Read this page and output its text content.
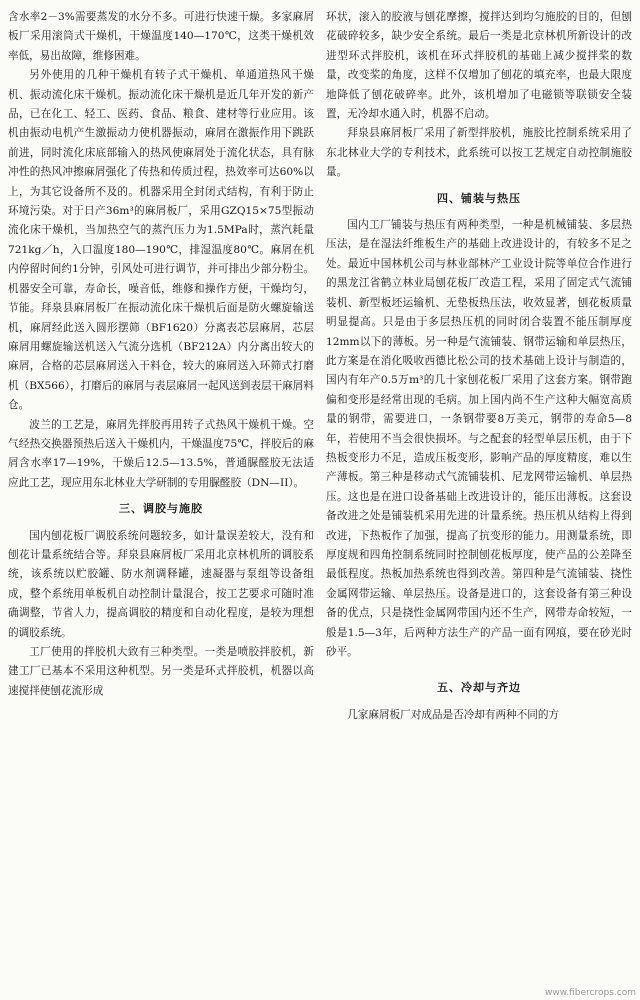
含水率2－3%需要蒸发的水分不多。可进行快速干燥。多家麻屑板厂采用滚筒式干燥机，干燥温度140—170℃，这类干燥机效率低，易出故障，维修困难。

另外使用的几种干燥机有转子式干燥机、单通道热风干燥机、振动流化床干燥机。振动流化床干燥机是近几年开发的新产品，已在化工、轻工、医药、食品、粮食、建材等行业应用。该机由振动电机产生激振动力使机器振动，麻屑在激振作用下跳跃前进，同时流化床底部输入的热风使麻屑处于流化状态，具有脉冲性的热风冲擦麻屑强化了传热和传质过程，热效率可达60%以上，为其它设备所不及的。机器采用全封闭式结构，有利于防止环境污染。对于日产36m³的麻屑板厂，采用GZQ15×75型振动流化床干燥机，当加热空气的蒸汽压力为1.5MPa时，蒸汽耗量721kg／h，入口温度180—190℃，排湿温度80℃。麻屑在机内停留时间约1分钟，引风处可进行调节，并可排出少部分粉尘。机器安全可靠，寿命长，噪音低，维修和操作方便，干燥均匀，节能。拜泉县麻屑板厂在振动流化床干燥机后面是防火螺旋输送机，麻屑经此送入圆形摆筛（BF1620）分离表芯层麻屑，芯层麻屑用螺旋输送机送入气流分选机（BF212A）内分离出较大的麻屑，合格的芯层麻屑送入干料仓，较大的麻屑送入环筛式打磨机（BX566），打磨后的麻屑与表层麻屑一起风送到表层干麻屑料仓。

波兰的工艺是，麻屑先拌胶再用转子式热风干燥机干燥。空气经热交换器预热后送入干燥机内，干燥温度75℃，拌胶后的麻屑含水率17—19%，干燥后12.5—13.5%，普通脲醛胶无法适应此工艺，现应用东北林业大学研制的专用脲醛胶（DN—II）。

三、调胶与施胶

国内刨花板厂调胶系统问题较多，如计量误差较大，没有和刨花计量系统结合等。拜泉县麻屑板厂采用北京林机所的调胶系统，该系统以贮胶罐、防水剂调释罐，速凝器与泵组等设备组成，整个系统用单板机自动控制计量混合，按工艺要求可随时准确调整，节省人力，提高调胶的精度和自动化程度，是较为理想的调胶系统。

工厂使用的拌胶机大致有三种类型。一类是喷胶拌胶机，新建工厂已基本不采用这种机型。另一类是环式拌胶机，机器以高速搅拌使刨花流形成

环状，滚入的胶液与刨花摩擦，搅拌达到均匀施胶的目的，但刨花破碎较多，缺少安全系统。最后一类是北京林机所新设计的改进型环式拌胶机，该机在环式拌胶机的基础上减少搅拌桨的数量，改变桨的角度，这样不仅增加了刨花的填充率，也最大限度地降低了刨花破碎率。此外，该机增加了电磁锁等联锁安全装置，无冷却水通入时，机器不启动。

拜泉县麻屑板厂采用了新型拌胶机，施胶比控制系统采用了东北林业大学的专利技术，此系统可以按工艺规定自动控制施胶量。

四、铺装与热压

国内工厂铺装与热压有两种类型，一种是机械铺装、多层热压法，是在湿法纤维板生产的基础上改进设计的，有较多不足之处。最近中国林机公司与林业部林产工业设计院等单位合作进行的黑龙江省鹤立林业局刨花板厂改造工程，采用了固定式气流铺装机、新型板坯运输机、无垫板热压法，收效显著，刨花板质量明显提高。只是由于多层热压机的同时闭合装置不能压制厚度12mm以下的薄板。另一种是气流铺装、钢带运输和单层热压，此方案是在消化吸收西德比松公司的技术基础上设计与制造的，国内有年产0.5万m³的几十家刨花板厂采用了这套方案。钢带跑偏和变形是经常出现的毛病。加上国内尚不生产这种大幅宽高质量的钢带，需要进口，一条钢带要8万美元，钢带的寿命5—8年，若使用不当会很快损坏。与之配套的轻型单层压机，由于下热板变形力不足，造成压板变形，影响产品的厚度精度，难以生产薄板。第三种是移动式气流铺装机、尼龙网带运输机、单层热压。这也是在进口设备基础上改进设计的，能压出薄板。这套设备改进之处是铺装机采用先进的计量系统。热压机从结构上得到改进，下热板作了加强，提高了抗变形的能力。用测量系统，即厚度规和四角控制系统同时控制刨花板厚度，使产品的公差降至最低程度。热板加热系统也得到改善。第四种是气流铺装、挠性金属网带运输、单层热压。设备是进口的，这套设备有第三种设备的优点，只是挠性金属网带国内还不生产，网带寿命较短，一般是1.5—3年，后两种方法生产的产品一面有网痕，要在砂光时砂平。

五、冷却与齐边

几家麻屑板厂对成品是否冷却有两种不同的方

www.fibercrops.com
